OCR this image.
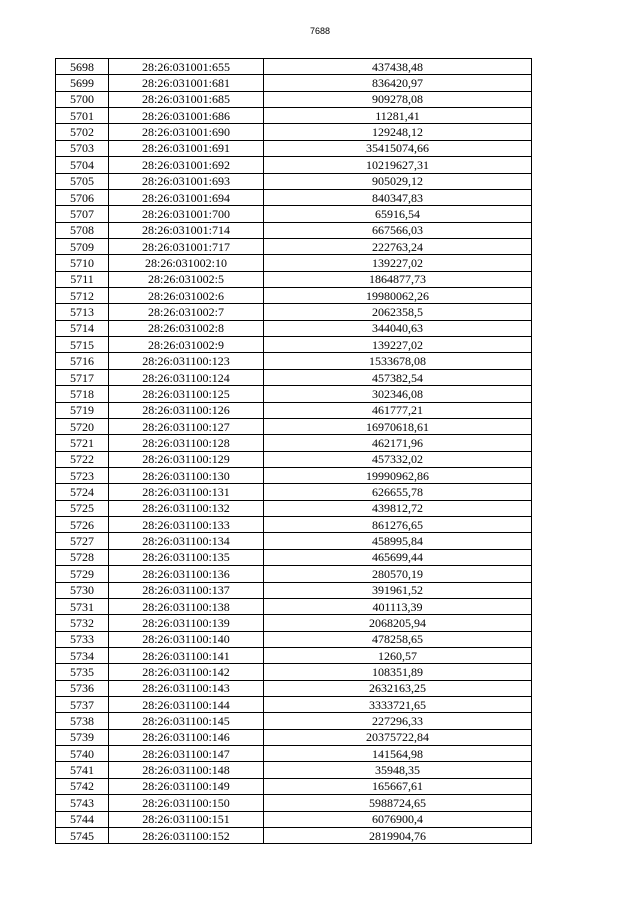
7688
5698	28:26:031001:655	437438,48
5699	28:26:031001:681	836420,97
5700	28:26:031001:685	909278,08
5701	28:26:031001:686	11281,41
5702	28:26:031001:690	129248,12
5703	28:26:031001:691	35415074,66
5704	28:26:031001:692	10219627,31
5705	28:26:031001:693	905029,12
5706	28:26:031001:694	840347,83
5707	28:26:031001:700	65916,54
5708	28:26:031001:714	667566,03
5709	28:26:031001:717	222763,24
5710	28:26:031002:10	139227,02
5711	28:26:031002:5	1864877,73
5712	28:26:031002:6	19980062,26
5713	28:26:031002:7	2062358,5
5714	28:26:031002:8	344040,63
5715	28:26:031002:9	139227,02
5716	28:26:031100:123	1533678,08
5717	28:26:031100:124	457382,54
5718	28:26:031100:125	302346,08
5719	28:26:031100:126	461777,21
5720	28:26:031100:127	16970618,61
5721	28:26:031100:128	462171,96
5722	28:26:031100:129	457332,02
5723	28:26:031100:130	19990962,86
5724	28:26:031100:131	626655,78
5725	28:26:031100:132	439812,72
5726	28:26:031100:133	861276,65
5727	28:26:031100:134	458995,84
5728	28:26:031100:135	465699,44
5729	28:26:031100:136	280570,19
5730	28:26:031100:137	391961,52
5731	28:26:031100:138	401113,39
5732	28:26:031100:139	2068205,94
5733	28:26:031100:140	478258,65
5734	28:26:031100:141	1260,57
5735	28:26:031100:142	108351,89
5736	28:26:031100:143	2632163,25
5737	28:26:031100:144	3333721,65
5738	28:26:031100:145	227296,33
5739	28:26:031100:146	20375722,84
5740	28:26:031100:147	141564,98
5741	28:26:031100:148	35948,35
5742	28:26:031100:149	165667,61
5743	28:26:031100:150	5988724,65
5744	28:26:031100:151	6076900,4
5745	28:26:031100:152	2819904,76
